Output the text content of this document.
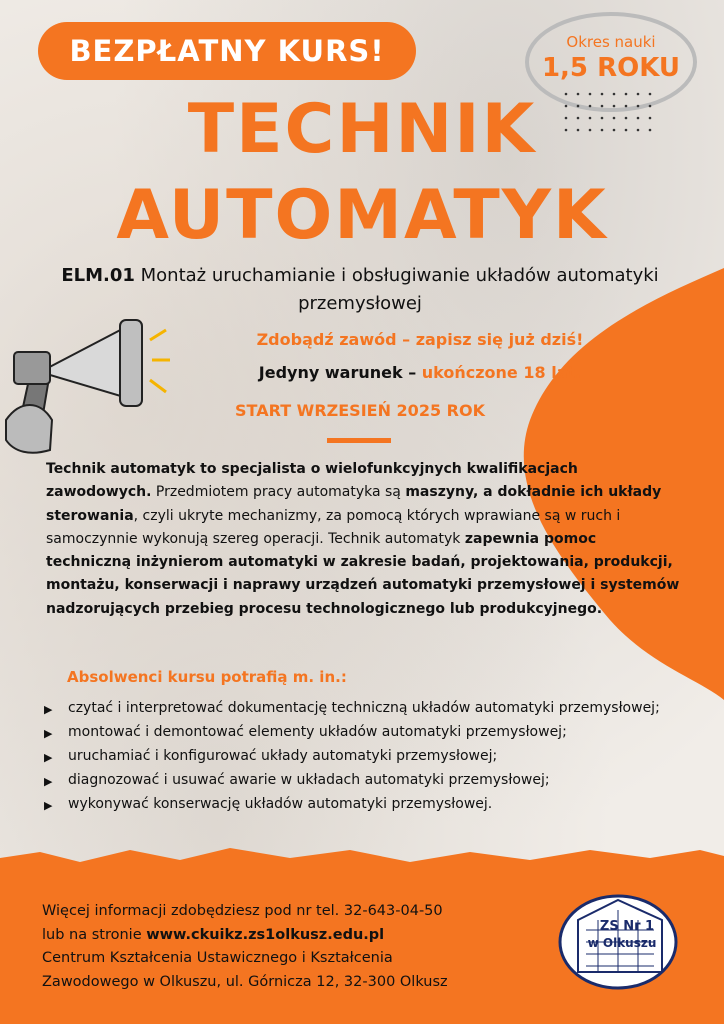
BEZPŁATNY KURS!	Okres nauki
1,5 ROKU
TECHNIK
AUTOMATYK
ELM.01 Montaż uruchamianie i obsługiwanie układów automatyki przemysłowej
Zdobądź zawód – zapisz się już dziś!
Jedyny warunek – ukończone 18 lat.
START WRZESIEŃ 2025 ROK
Technik automatyk to specjalista o wielofunkcyjnych kwalifikacjach zawodowych. Przedmiotem pracy automatyka są maszyny, a dokładnie ich układy sterowania, czyli ukryte mechanizmy, za pomocą których wprawiane są w ruch i samoczynnie wykonują szereg operacji. Technik automatyk zapewnia pomoc techniczną inżynierom automatyki w zakresie badań, projektowania, produkcji, montażu, konserwacji i naprawy urządzeń automatyki przemysłowej i systemów nadzorujących przebieg procesu technologicznego lub produkcyjnego.
Absolwenci kursu potrafią m. in.:
▶ czytać i interpretować dokumentację techniczną układów automatyki przemysłowej;
▶ montować i demontować elementy układów automatyki przemysłowej;
▶ uruchamiać i konfigurować układy automatyki przemysłowej;
▶ diagnozować i usuwać awarie w układach automatyki przemysłowej;
▶ wykonywać konserwację układów automatyki przemysłowej.
Więcej informacji zdobędziesz pod nr tel. 32-643-04-50
lub na stronie www.ckuikz.zs1olkusz.edu.pl
Centrum Kształcenia Ustawicznego i Kształcenia
Zawodowego w Olkuszu, ul. Górnicza 12, 32-300 Olkusz
ZS Nr 1
w Olkuszu
